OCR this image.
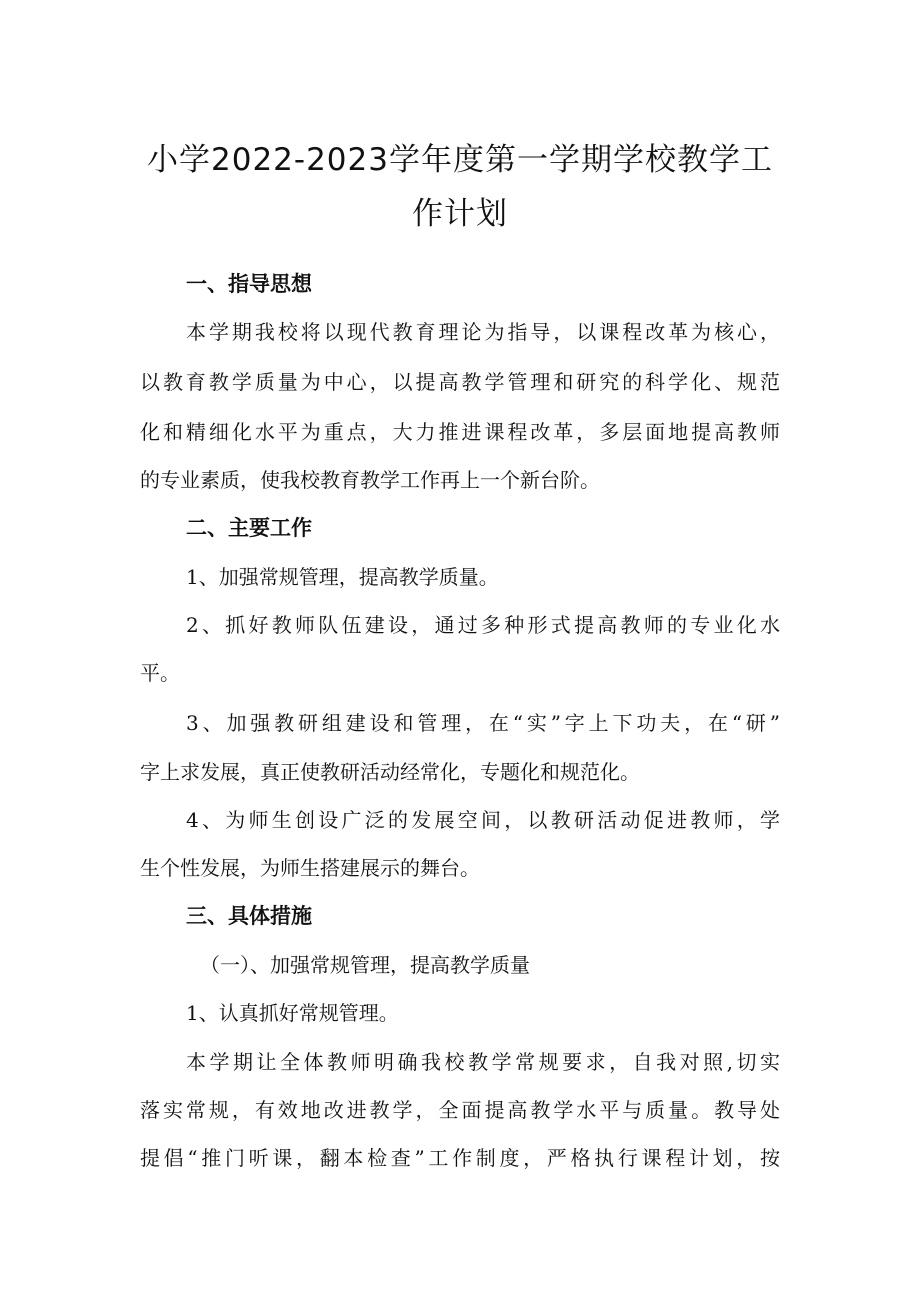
小学2022-2023学年度第一学期学校教学工
作计划
一、指导思想
本学期我校将以现代教育理论为指导，以课程改革为核心，
以教育教学质量为中心，以提高教学管理和研究的科学化、规范
化和精细化水平为重点，大力推进课程改革，多层面地提高教师
的专业素质，使我校教育教学工作再上一个新台阶。
二、主要工作
1、加强常规管理，提高教学质量。
2、抓好教师队伍建设，通过多种形式提高教师的专业化水
平。
3、加强教研组建设和管理，在“实”字上下功夫，在“研”
字上求发展，真正使教研活动经常化，专题化和规范化。
4、为师生创设广泛的发展空间，以教研活动促进教师，学
生个性发展，为师生搭建展示的舞台。
三、具体措施
（一）、加强常规管理，提高教学质量
1、认真抓好常规管理。
本学期让全体教师明确我校教学常规要求，自我对照,切实
落实常规，有效地改进教学，全面提高教学水平与质量。教导处
提倡“推门听课，翻本检查”工作制度，严格执行课程计划，按
